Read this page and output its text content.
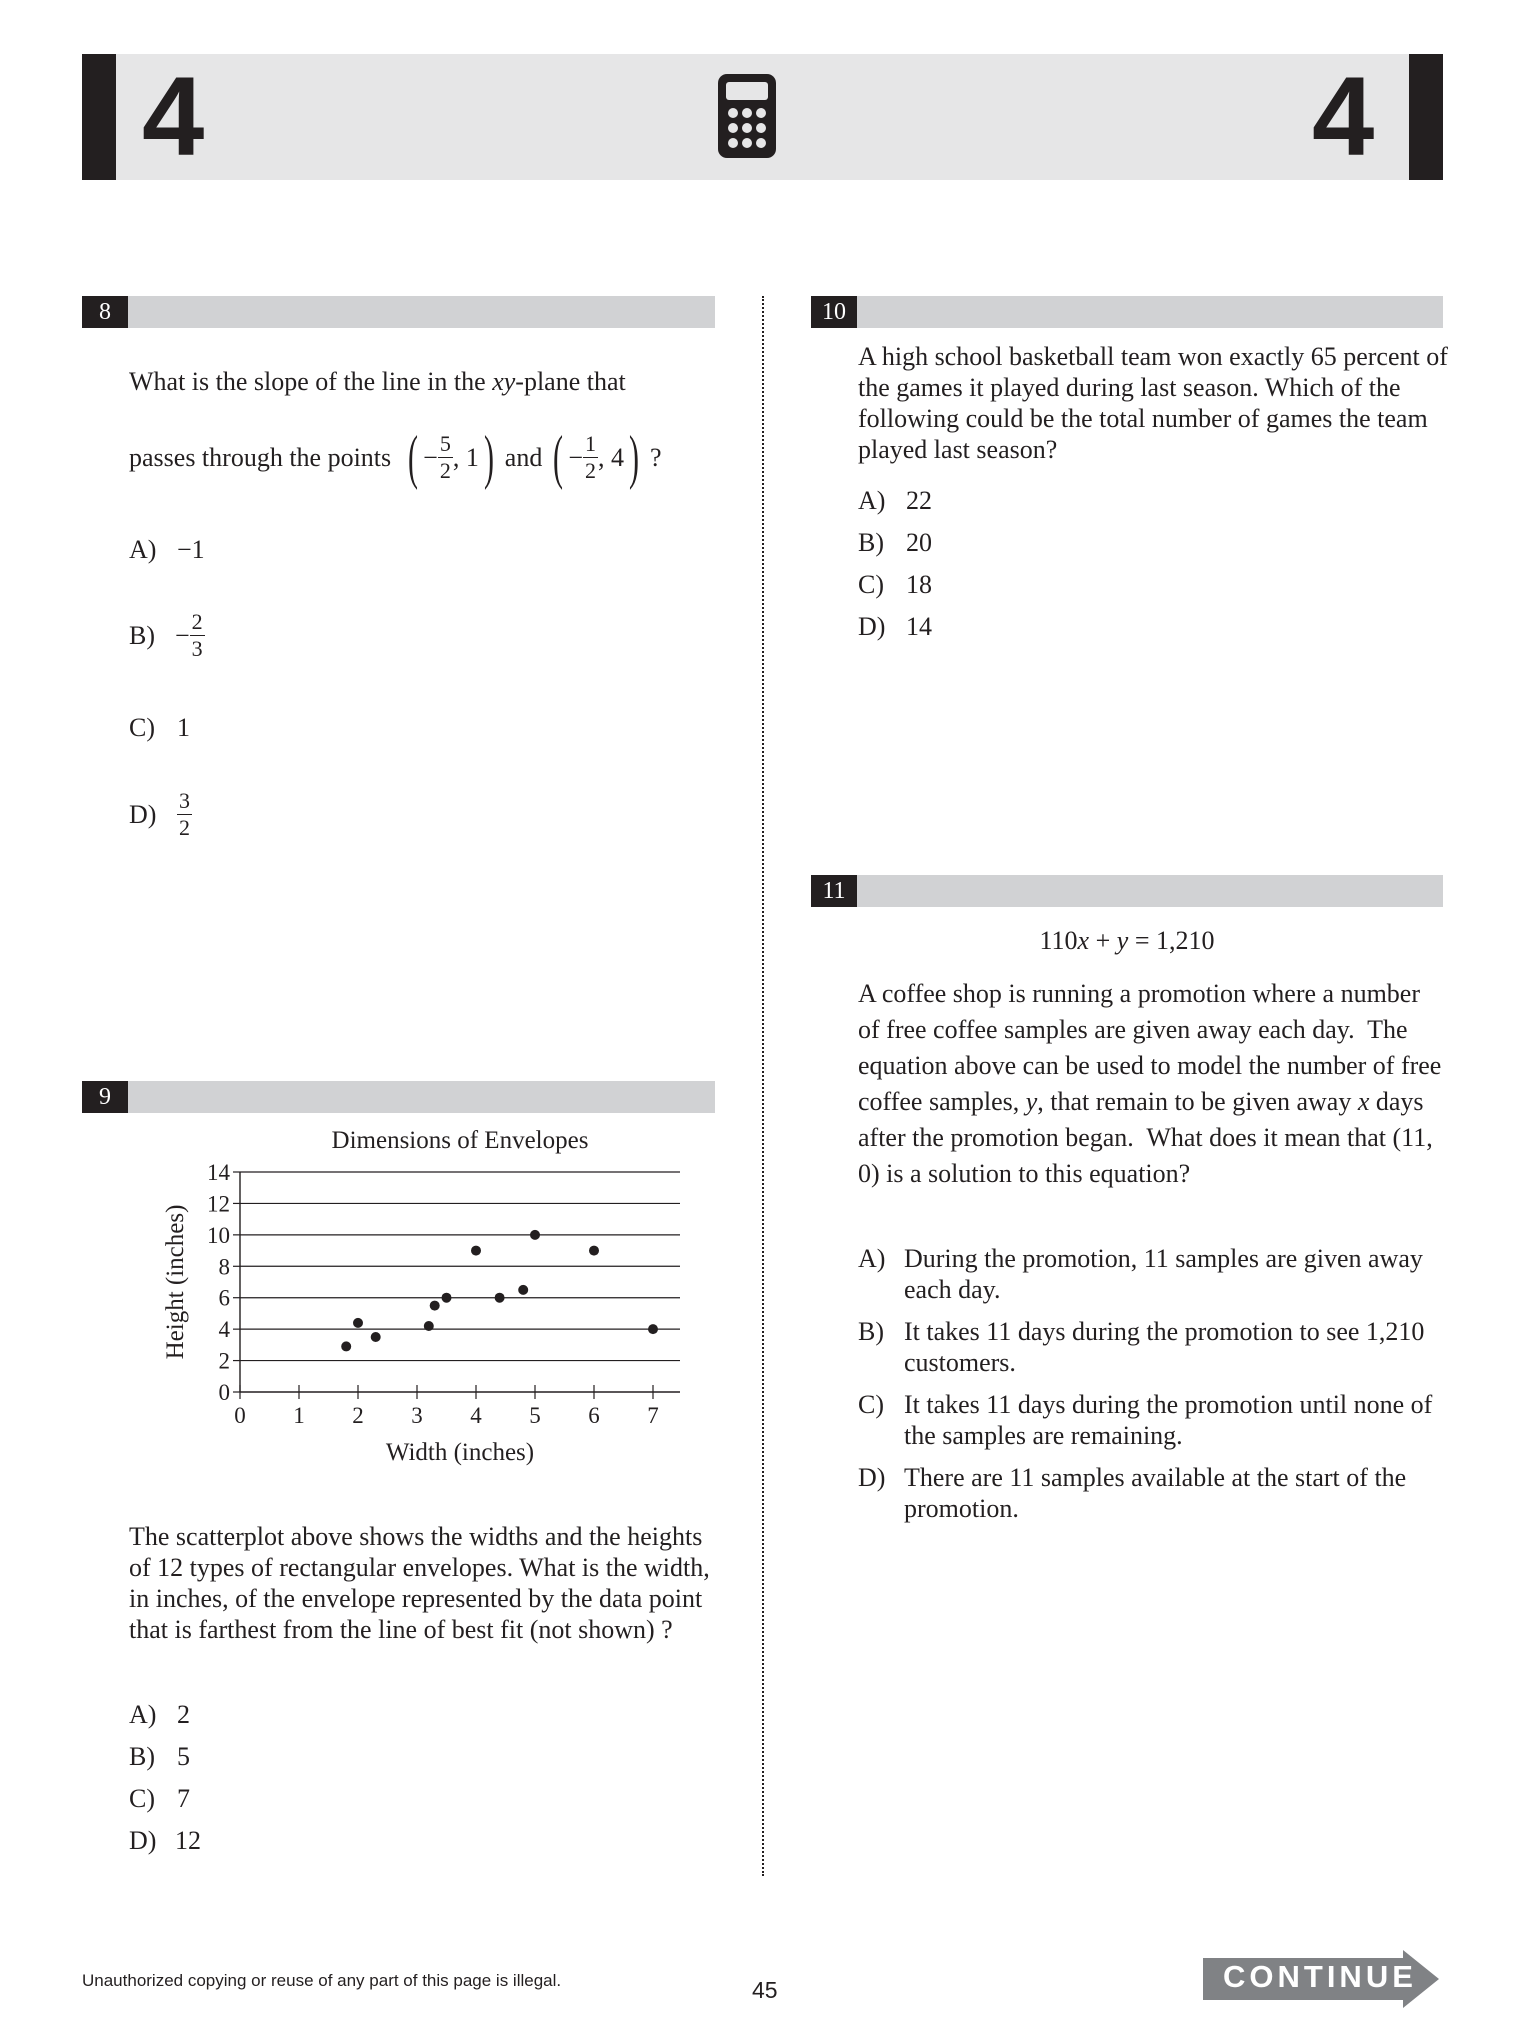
4	4
8
What is the slope of the line in the xy-plane that
passes through the points ( − $\frac{5}{2}$ , 1 ) and ( − $\frac{1}{2}$ , 4 ) ?
A) −1
$B) - \frac{2}{3}$
C) 1
$D) \frac{3}{2}$
9
Dimensions of Envelopes
Width (inches)
Height (inches)
0
2
4
6
8
10
12
14
0 1 2 3 4 5 6 7
The scatterplot above shows the widths and the heights of 12 types of rectangular envelopes. What is the width, in inches, of the envelope represented by the data point that is farthest from the line of best fit (not shown) ?
A) 2
B) 5
C) 7
D) 12
10
A high school basketball team won exactly 65 percent of the games it played during last season. Which of the following could be the total number of games the team played last season?
A) 22
B) 20
C) 18
D) 14
11
110x + y = 1,210
A coffee shop is running a promotion where a number of free coffee samples are given away each day.  The equation above can be used to model the number of free coffee samples, y, that remain to be given away x days after the promotion began.  What does it mean that (11, 0) is a solution to this equation?
A) During the promotion, 11 samples are given away each day.
B) It takes 11 days during the promotion to see 1,210 customers.
C) It takes 11 days during the promotion until none of the samples are remaining.
D) There are 11 samples available at the start of the promotion.
Unauthorized copying or reuse of any part of this page is illegal.	45	CONTINUE
